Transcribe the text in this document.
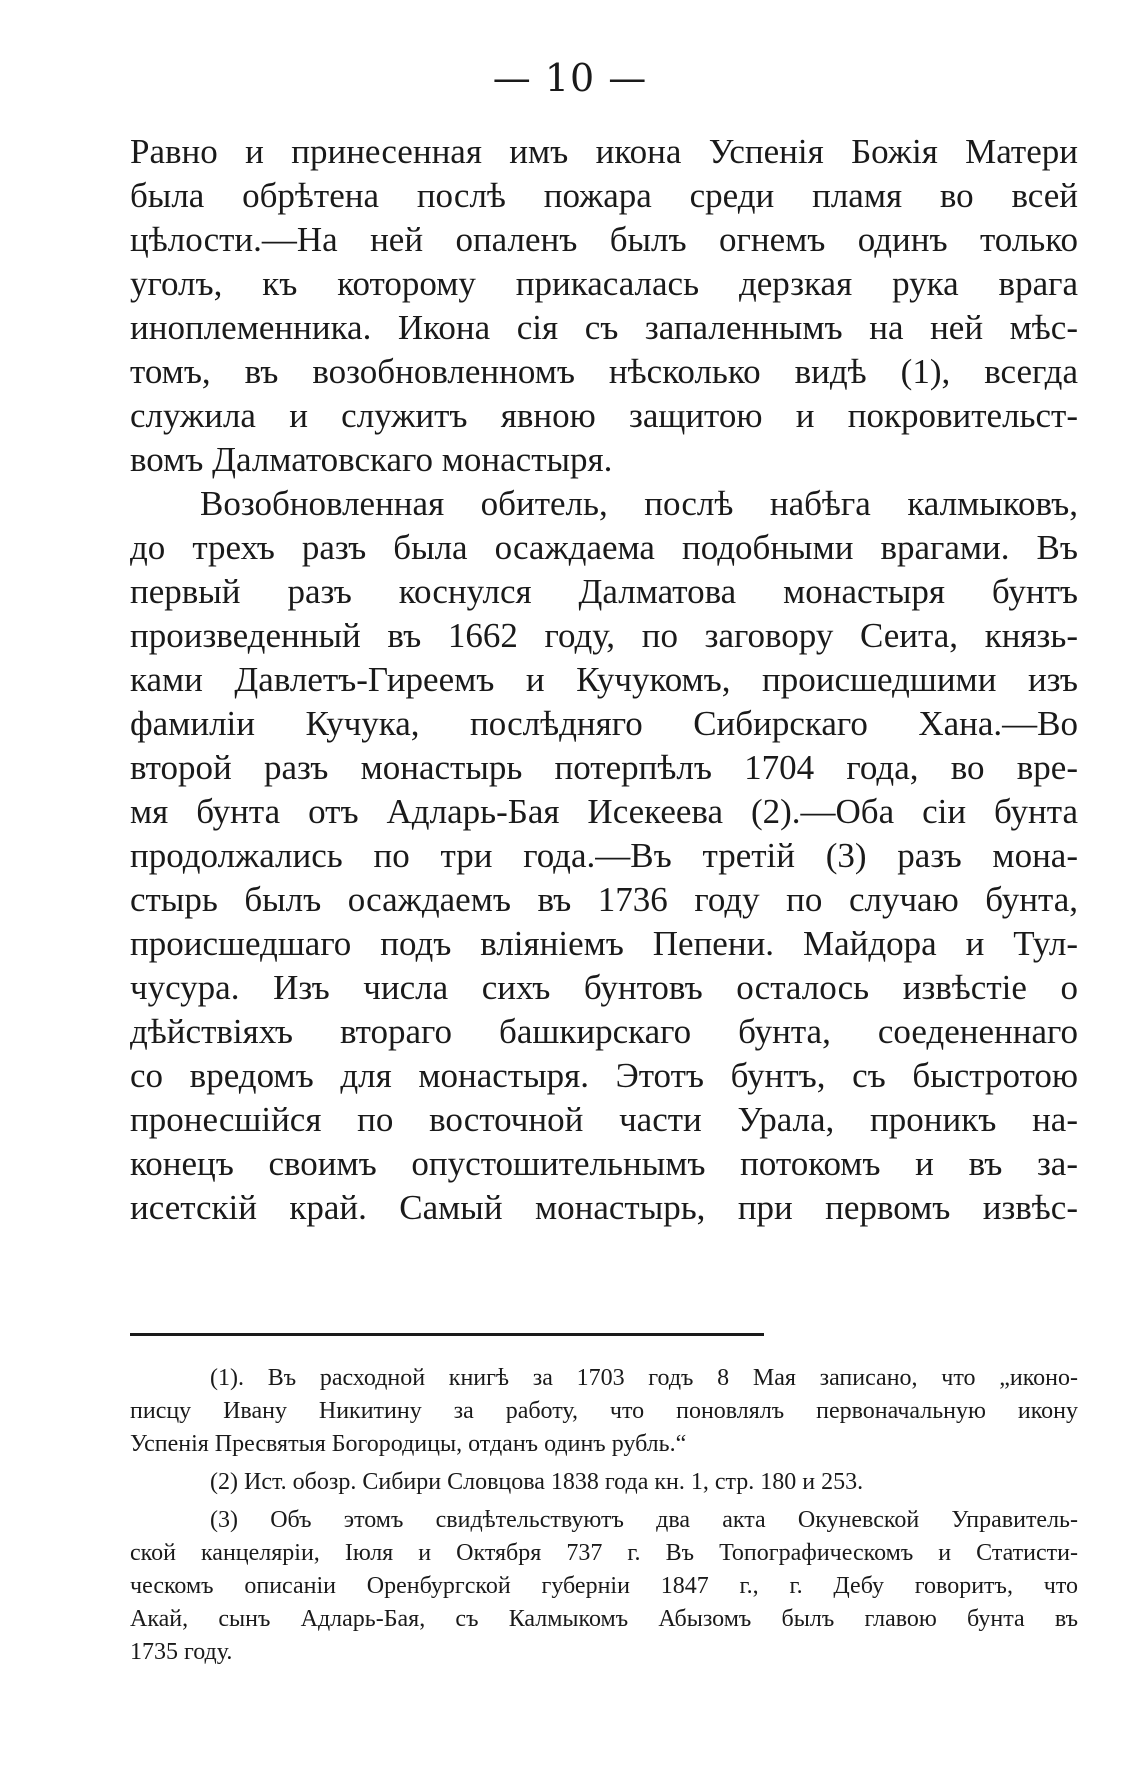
— 10 —
Равно и принесенная имъ икона Успенія Божія Матери
была обрѣтена послѣ пожара среди пламя во всей
цѣлости.—На ней опаленъ былъ огнемъ одинъ только
уголъ, къ которому прикасалась дерзкая рука врага
иноплеменника. Икона сія съ запаленнымъ на ней мѣс-
томъ, въ возобновленномъ нѣсколько видѣ (1), всегда
служила и служитъ явною защитою и покровительст-
вомъ Далматовскаго монастыря.
Возобновленная обитель, послѣ набѣга калмыковъ,
до трехъ разъ была осаждаема подобными врагами. Въ
первый разъ коснулся Далматова монастыря бунтъ
произведенный въ 1662 году, по заговору Сеита, князь-
ками Давлетъ-Гиреемъ и Кучукомъ, происшедшими изъ
фамиліи Кучука, послѣдняго Сибирскаго Хана.—Во
второй разъ монастырь потерпѣлъ 1704 года, во вре-
мя бунта отъ Адларь-Бая Исекеева (2).—Оба сіи бунта
продолжались по три года.—Въ третій (3) разъ мона-
стырь былъ осаждаемъ въ 1736 году по случаю бунта,
происшедшаго подъ вліяніемъ Пепени. Майдора и Тул-
чусура. Изъ числа сихъ бунтовъ осталось извѣстіе о
дѣйствіяхъ втораго башкирскаго бунта, соедененнаго
со вредомъ для монастыря. Этотъ бунтъ, съ быстротою
пронесшійся по восточной части Урала, проникъ на-
конецъ своимъ опустошительнымъ потокомъ и въ за-
исетскій край. Самый монастырь, при первомъ извѣс-
(1). Въ расходной книгѣ за 1703 годъ 8 Мая записано, что „иконо-
писцу Ивану Никитину за работу, что поновлялъ первоначальную икону
Успенія Пресвятыя Богородицы, отданъ одинъ рубль.“
(2) Ист. обозр. Сибири Словцова 1838 года кн. 1, стр. 180 и 253.
(3) Объ этомъ свидѣтельствуютъ два акта Окуневской Управитель-
ской канцеляріи, Іюля и Октября 737 г. Въ Топографическомъ и Статисти-
ческомъ описаніи Оренбургской губерніи 1847 г., г. Дебу говоритъ, что
Акай, сынъ Адларь-Бая, съ Калмыкомъ Абызомъ былъ главою бунта въ
1735 году.
